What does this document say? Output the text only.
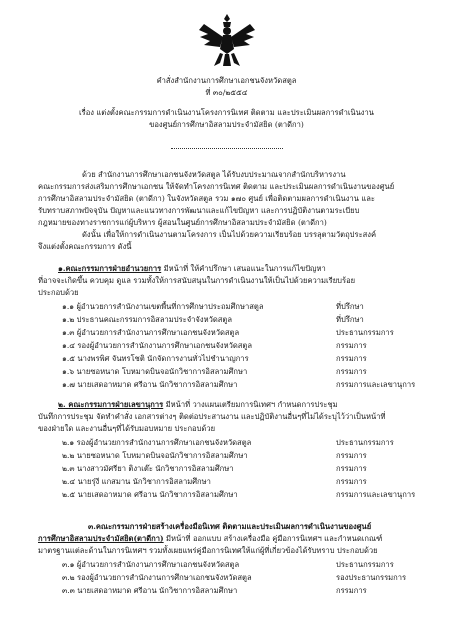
คำสั่งสำนักงานการศึกษาเอกชนจังหวัดสตูล
ที่ ๓๐/๒๕๕๔
เรื่อง แต่งตั้งคณะกรรมการดำเนินงานโครงการนิเทศ ติดตาม และประเมินผลการดำเนินงาน
ของศูนย์การศึกษาอิสลามประจำมัสยิด (ตาดีกา)
ด้วย สำนักงานการศึกษาเอกชนจังหวัดสตูล ได้รับงบประมาณจากสำนักบริหารงาน
คณะกรรมการส่งเสริมการศึกษาเอกชน ให้จัดทำโครงการนิเทศ ติดตาม และประเมินผลการดำเนินงานของศูนย์
การศึกษาอิสลามประจำมัสยิด (ตาดีกา) ในจังหวัดสตูล รวม ๑๗๐ ศูนย์ เพื่อติดตามผลการดำเนินงาน และ
รับทราบสภาพปัจจุบัน ปัญหาและแนวทางการพัฒนาและแก้ไขปัญหา และการปฏิบัติงานตามระเบียบ
กฎหมายของทางราชการแก่ผู้บริหาร ผู้สอนในศูนย์การศึกษาอิสลามประจำมัสยิด (ตาดีกา)
ดังนั้น เพื่อให้การดำเนินงานตามโครงการ เป็นไปด้วยความเรียบร้อย บรรลุตามวัตถุประสงค์
จึงแต่งตั้งคณะกรรมการ ดังนี้
๑.คณะกรรมการฝ่ายอำนวยการ มีหน้าที่ ให้คำปรึกษา เสนอแนะในการแก้ไขปัญหา
ที่อาจจะเกิดขึ้น ควบคุม ดูแล รวมทั้งให้การสนับสนุนในการดำเนินงานให้เป็นไปด้วยความเรียบร้อย
ประกอบด้วย
๑.๑ ผู้อำนวยการสำนักงานเขตพื้นที่การศึกษาประถมศึกษาสตูล	ที่ปรึกษา
๑.๒ ประธานคณะกรรมการอิสลามประจำจังหวัดสตูล	ที่ปรึกษา
๑.๓ ผู้อำนวยการสำนักงานการศึกษาเอกชนจังหวัดสตูล	ประธานกรรมการ
๑.๔ รองผู้อำนวยการสำนักงานการศึกษาเอกชนจังหวัดสตูล	กรรมการ
๑.๕ นางพรพิศ จันทรโชติ นักจัดการงานทั่วไปชำนาญการ	กรรมการ
๑.๖ นายซอหนาด โบหมาดบินจอนักวิชาการอิสลามศึกษา	กรรมการ
๑.๗ นายเสดอาหมาด ศรีอาน นักวิชาการอิสลามศึกษา	กรรมการและเลขานุการ
๒. คณะกรรมการฝ่ายเลขานุการ มีหน้าที่ วางแผนเตรียมการนิเทศฯ กำหนดการประชุม
บันทึกการประชุม จัดทำคำสั่ง เอกสารต่างๆ ติดต่อประสานงาน และปฏิบัติงานอื่นๆที่ไม่ได้ระบุไว้ว่าเป็นหน้าที่
ของฝ่ายใด และงานอื่นๆที่ได้รับมอบหมาย ประกอบด้วย
๒.๑ รองผู้อำนวยการสำนักงานการศึกษาเอกชนจังหวัดสตูล	ประธานกรรมการ
๒.๒ นายซอหนาด โบหมาดบินจอนักวิชาการอิสลามศึกษา	กรรมการ
๒.๓ นางสาวมัศรียา ติงาเต๊ะ นักวิชาการอิสลามศึกษา	กรรมการ
๒.๔ นายรุ่งี แกสมาน นักวิชาการอิสลามศึกษา	กรรมการ
๒.๕ นายเสดอาหมาด ศรีอาน นักวิชาการอิสลามศึกษา	กรรมการและเลขานุการ
๓.คณะกรรมการฝ่ายสร้างเครื่องมือนิเทศ ติดตามและประเมินผลการดำเนินงานของศูนย์
การศึกษาอิสลามประจำมัสยิด(ตาดีกา) มีหน้าที่ ออกแบบ สร้างเครื่องมือ คู่มือการนิเทศฯ และกำหนดเกณฑ์
มาตรฐานแต่ละด้านในการนิเทศฯ รวมทั้งเผยแพร่คู่มือการนิเทศให้แก่ผู้ที่เกี่ยวข้องได้รับทราบ ประกอบด้วย
๓.๑ ผู้อำนวยการสำนักงานการศึกษาเอกชนจังหวัดสตูล	ประธานกรรมการ
๓.๒ รองผู้อำนวยการสำนักงานการศึกษาเอกชนจังหวัดสตูล	รองประธานกรรมการ
๓.๓ นายเสดอาหมาด ศรีอาน นักวิชาการอิสลามศึกษา	กรรมการ
